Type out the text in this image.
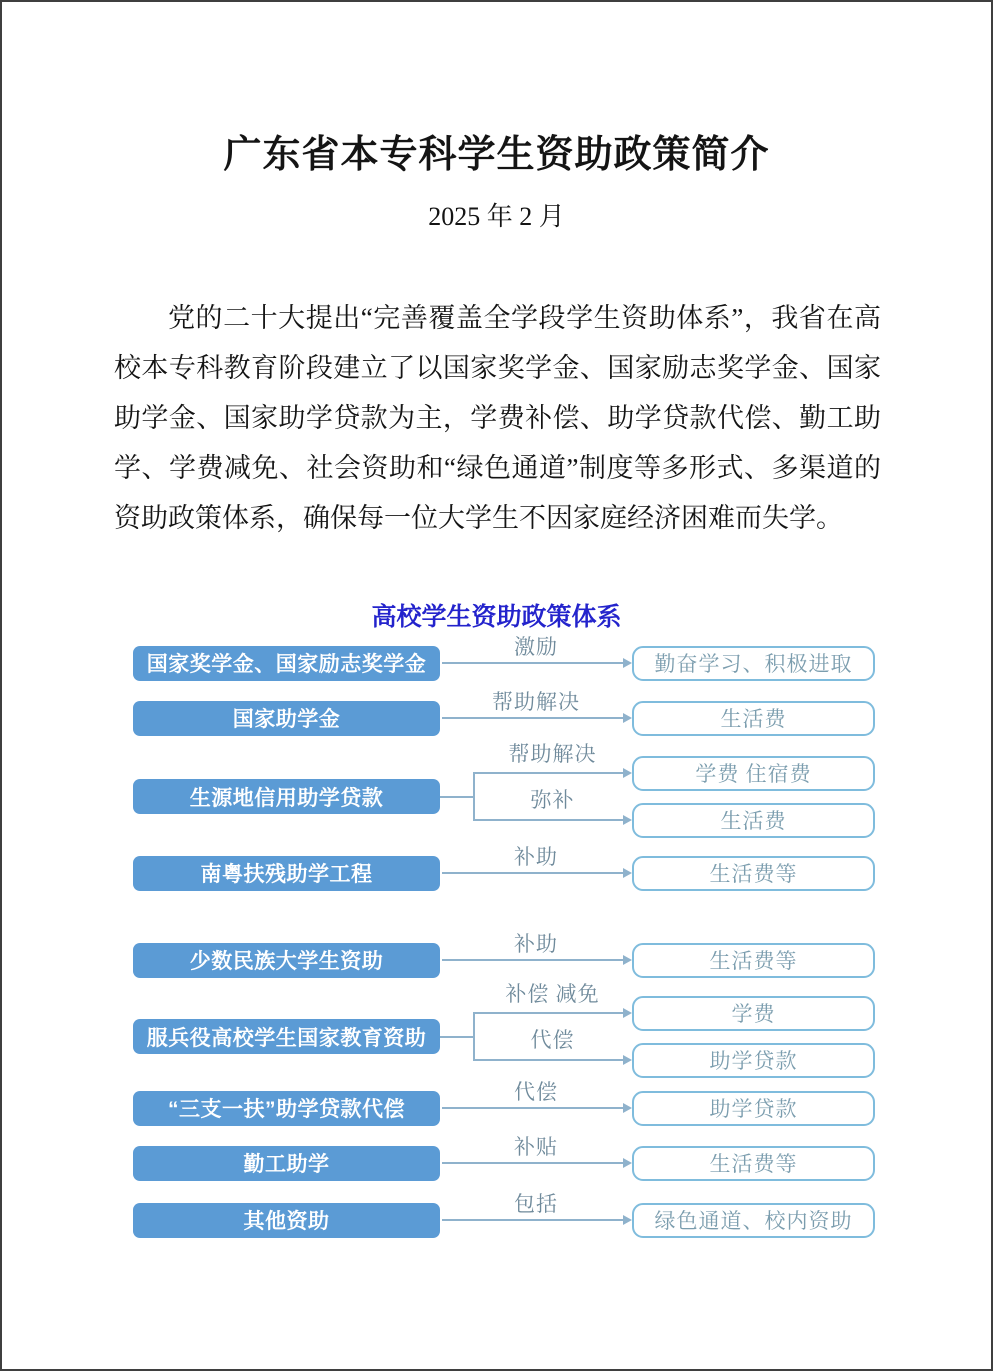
广东省本专科学生资助政策简介
2025 年 2 月

党的二十大提出“完善覆盖全学段学生资助体系”，我省在高校本专科教育阶段建立了以国家奖学金、国家励志奖学金、国家助学金、国家助学贷款为主，学费补偿、助学贷款代偿、勤工助学、学费减免、社会资助和“绿色通道”制度等多形式、多渠道的资助政策体系，确保每一位大学生不因家庭经济困难而失学。

高校学生资助政策体系
国家奖学金、国家励志奖学金
激励
勤奋学习、积极进取
国家助学金
帮助解决
生活费
生源地信用助学贷款
帮助解决
弥补
学费 住宿费
生活费
南粤扶残助学工程
补助
生活费等
少数民族大学生资助
补助
生活费等
服兵役高校学生国家教育资助
补偿 减免
代偿
学费
助学贷款
“三支一扶”助学贷款代偿
代偿
助学贷款
勤工助学
补贴
生活费等
其他资助
包括
绿色通道、校内资助
